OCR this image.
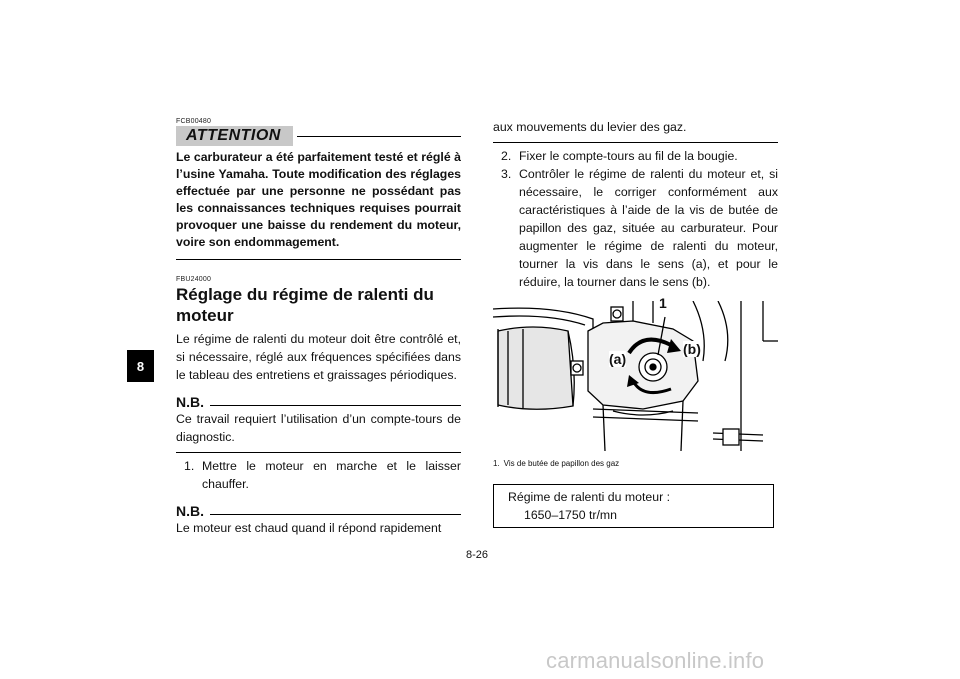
8
FCB00480
ATTENTION

Le carburateur a été parfaitement testé et réglé à l’usine Yamaha. Toute modification des réglages effectuée par une personne ne possédant pas les connaissances techniques requises pourrait provoquer une baisse du rendement du moteur, voire son endommagement.

FBU24000
Réglage du régime de ralenti du moteur

Le régime de ralenti du moteur doit être contrôlé et, si nécessaire, réglé aux fréquences spécifiées dans le tableau des entretiens et graissages périodiques.

N.B.

Ce travail requiert l’utilisation d’un compte-tours de diagnostic.

1. Mettre le moteur en marche et le laisser chauffer.
N.B.

Le moteur est chaud quand il répond rapidement

aux mouvements du levier des gaz.

2. Fixer le compte-tours au fil de la bougie.
3. Contrôler le régime de ralenti du moteur et, si nécessaire, le corriger conformément aux caractéristiques à l’aide de la vis de butée de papillon des gaz, située au carburateur. Pour augmenter le régime de ralenti du moteur, tourner la vis dans le sens (a), et pour le réduire, la tourner dans le sens (b).
1
(a)
(b)
1. Vis de butée de papillon des gaz
Régime de ralenti du moteur :
1650–1750 tr/mn
8-26
carmanualsonline.info
